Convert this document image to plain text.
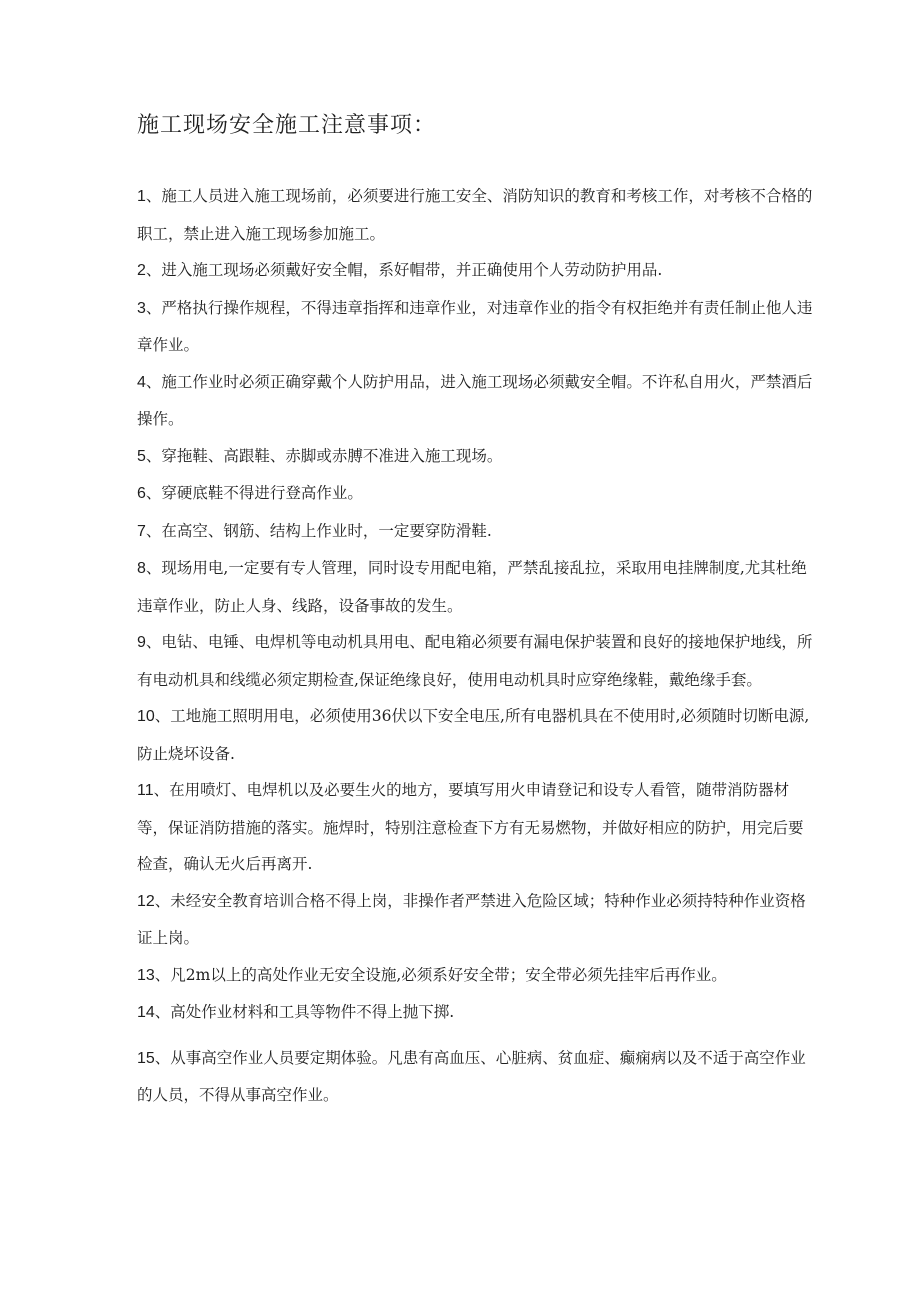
施工现场安全施工注意事项：

1、施工人员进入施工现场前，必须要进行施工安全、消防知识的教育和考核工作，对考核不合格的职工，禁止进入施工现场参加施工。

2、进入施工现场必须戴好安全帽，系好帽带，并正确使用个人劳动防护用品.

3、严格执行操作规程，不得违章指挥和违章作业，对违章作业的指令有权拒绝并有责任制止他人违章作业。

4、施工作业时必须正确穿戴个人防护用品，进入施工现场必须戴安全帽。不许私自用火，严禁酒后操作。

5、穿拖鞋、高跟鞋、赤脚或赤膊不准进入施工现场。

6、穿硬底鞋不得进行登高作业。

7、在高空、钢筋、结构上作业时，一定要穿防滑鞋.

8、现场用电,一定要有专人管理，同时设专用配电箱，严禁乱接乱拉，采取用电挂牌制度,尤其杜绝违章作业，防止人身、线路，设备事故的发生。

9、电钻、电锤、电焊机等电动机具用电、配电箱必须要有漏电保护装置和良好的接地保护地线，所有电动机具和线缆必须定期检查,保证绝缘良好，使用电动机具时应穿绝缘鞋，戴绝缘手套。

10、工地施工照明用电，必须使用36伏以下安全电压,所有电器机具在不使用时,必须随时切断电源,防止烧坏设备.

11、在用喷灯、电焊机以及必要生火的地方，要填写用火申请登记和设专人看管，随带消防器材等，保证消防措施的落实。施焊时，特别注意检查下方有无易燃物，并做好相应的防护，用完后要检查，确认无火后再离开.

12、未经安全教育培训合格不得上岗，非操作者严禁进入危险区域；特种作业必须持特种作业资格证上岗。

13、凡2m以上的高处作业无安全设施,必须系好安全带；安全带必须先挂牢后再作业。

14、高处作业材料和工具等物件不得上抛下掷.

15、从事高空作业人员要定期体验。凡患有高血压、心脏病、贫血症、癫痫病以及不适于高空作业的人员，不得从事高空作业。
